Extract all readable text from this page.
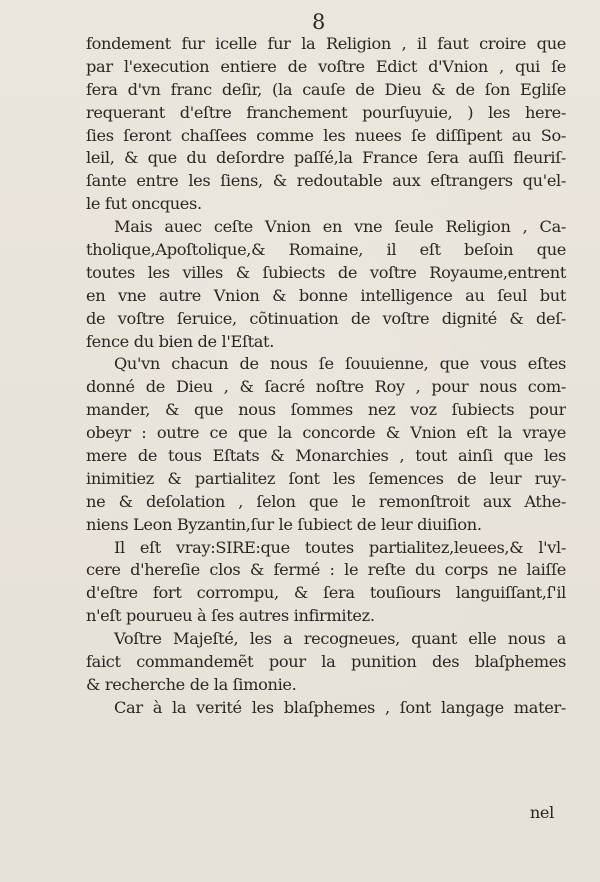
8
fondement fur icelle fur la Religion , il faut croire que
par l'execution entiere de voſtre Edict d'Vnion , qui ſe
fera d'vn franc deſir, (la cauſe de Dieu & de ſon Egliſe
requerant d'eſtre franchement pourſuyuie, ) les here-
ſies ſeront chaſſees comme les nuees ſe diſſipent au So-
leil, & que du deſordre paſſé,la France ſera auſſi fleuriſ-
ſante entre les ſiens, & redoutable aux eſtrangers qu'el-
le fut oncques.
Mais auec ceſte Vnion en vne ſeule Religion , Ca-
tholique,Apoſtolique,& Romaine, il eſt beſoin que
toutes les villes & ſubiects de voſtre Royaume,entrent
en vne autre Vnion & bonne intelligence au ſeul but
de voſtre ſeruice, cõtinuation de voſtre dignité & deſ-
fence du bien de l'Eſtat.
Qu'vn chacun de nous ſe ſouuienne, que vous eſtes
donné de Dieu , & ſacré noſtre Roy , pour nous com-
mander, & que nous ſommes nez voz ſubiects pour
obeyr : outre ce que la concorde & Vnion eſt la vraye
mere de tous Eſtats & Monarchies , tout ainſi que les
inimitiez & partialitez ſont les ſemences de leur ruy-
ne & deſolation , ſelon que le remonſtroit aux Athe-
niens Leon Byzantin,ſur le ſubiect de leur diuiſion.
Il eſt vray:SIRE:que toutes partialitez,leuees,& l'vl-
cere d'hereſie clos & fermé : le reſte du corps ne laiſſe
d'eſtre fort corrompu, & ſera touſiours languiſſant,ſ'il
n'eſt pourueu à ſes autres infirmitez.
Voſtre Majeſté, les a recogneues, quant elle nous a
faict commandemẽt pour la punition des blaſphemes
& recherche de la ſimonie.
Car à la verité les blaſphemes , ſont langage mater-
nel
